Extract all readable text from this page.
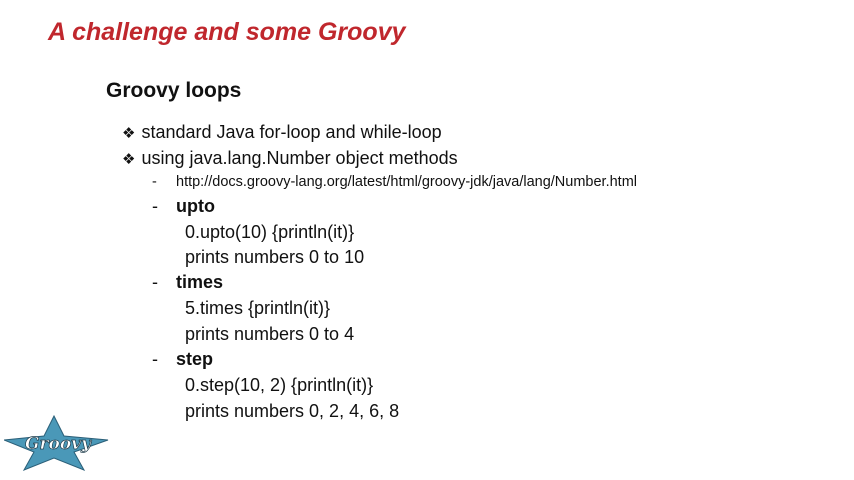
A challenge and some Groovy
Groovy loops
❖ standard Java for-loop and while-loop
❖ using java.lang.Number object methods
- http://docs.groovy-lang.org/latest/html/groovy-jdk/java/lang/Number.html
- upto
0.upto(10) {println(it)}
prints numbers 0 to 10
- times
5.times {println(it)}
prints numbers 0 to 4
- step
0.step(10, 2) {println(it)}
prints numbers 0, 2, 4, 6, 8
Groovy
